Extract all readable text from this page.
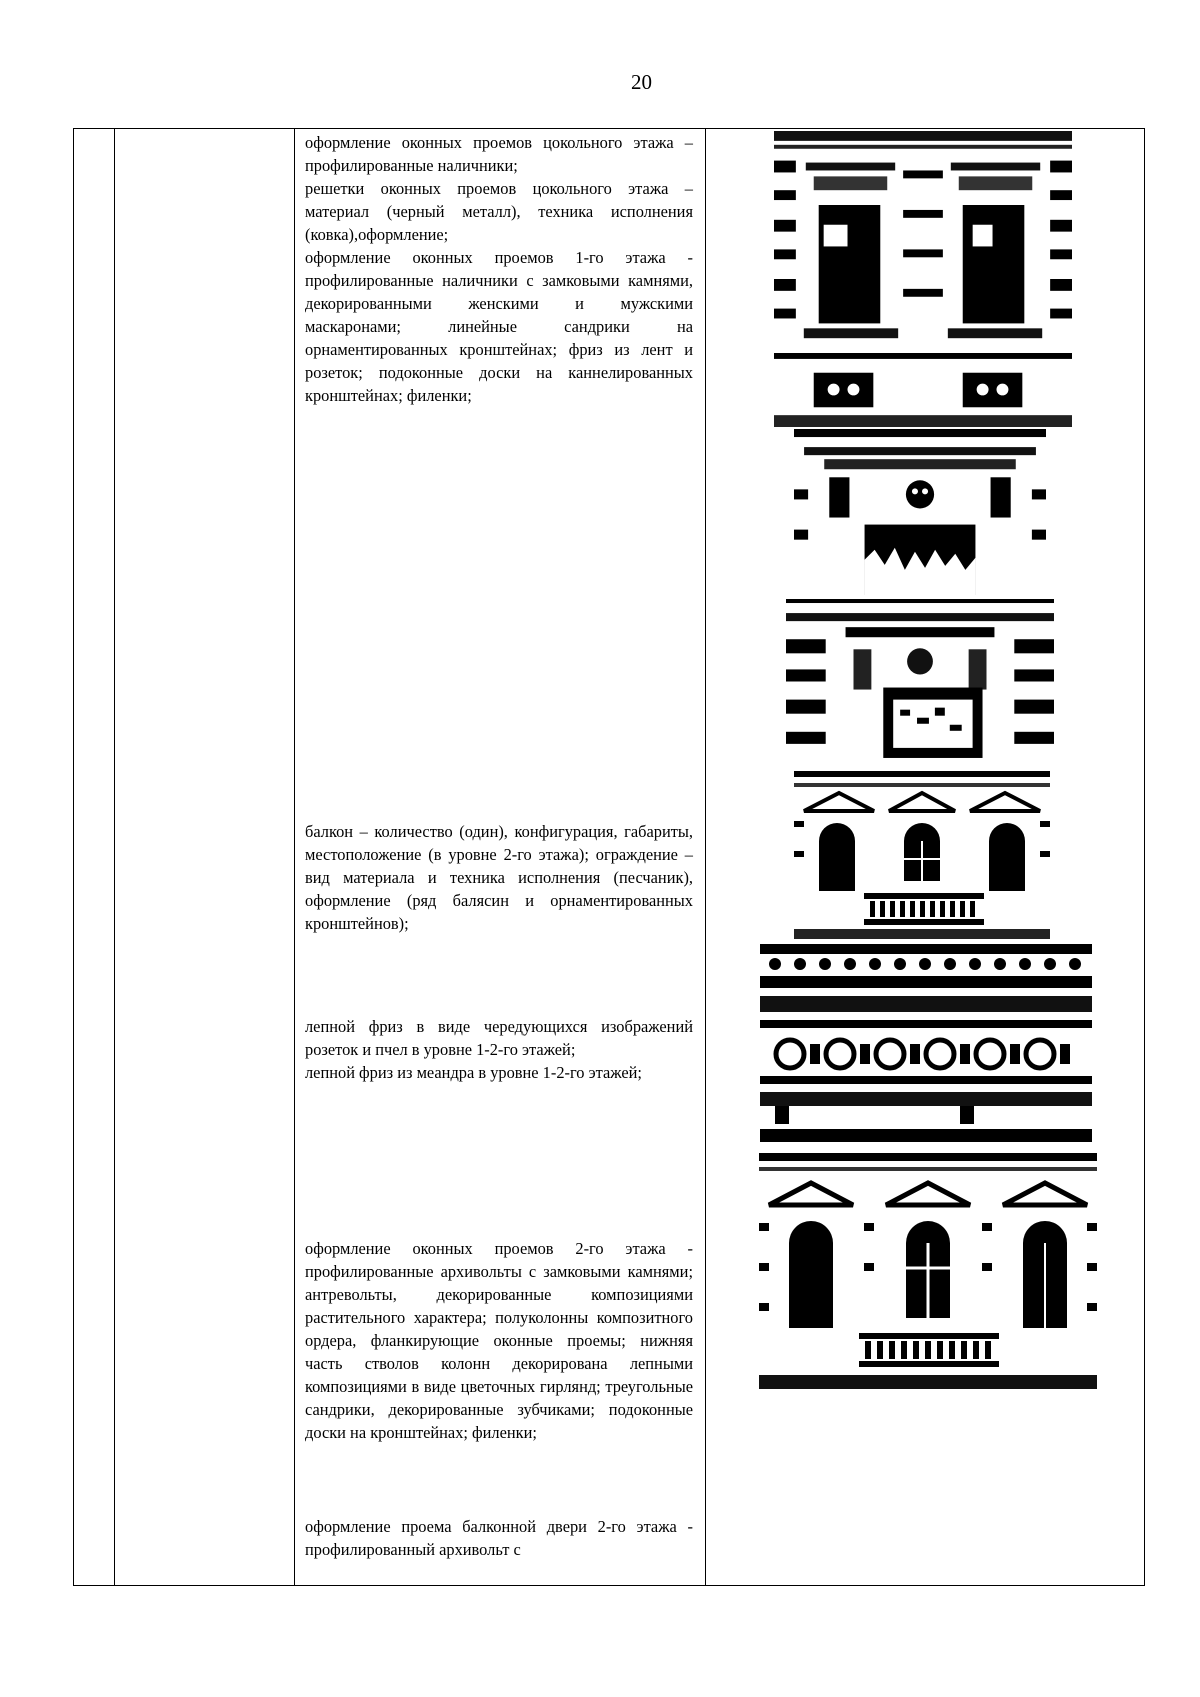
20

оформление оконных проемов цокольного этажа – профилированные наличники;

решетки оконных проемов цокольного этажа – материал (черный металл), техника исполнения (ковка),оформление;

оформление оконных проемов 1-го этажа - профилированные наличники с замковыми камнями, декорированными женскими и мужскими маскаронами; линейные сандрики на орнаментированных кронштейнах; фриз из лент и розеток; подоконные доски на каннелированных кронштейнах; филенки;

балкон – количество (один), конфигурация, габариты, местоположение (в уровне 2-го этажа); ограждение – вид материала и техника исполнения (песчаник), оформление (ряд балясин и орнаментированных кронштейнов);

лепной фриз в виде чередующихся изображений розеток и пчел в уровне 1-2-го этажей;

лепной фриз из меандра в уровне 1-2-го этажей;

оформление оконных проемов 2-го этажа - профилированные архивольты с замковыми камнями; антревольты, декорированные композициями растительного характера; полуколонны композитного ордера, фланкирующие оконные проемы; нижняя часть стволов колонн декорирована лепными композициями в виде цветочных гирлянд; треугольные сандрики, декорированные зубчиками; подоконные доски на кронштейнах; филенки;

оформление проема балконной двери 2-го этажа - профилированный архивольт с
